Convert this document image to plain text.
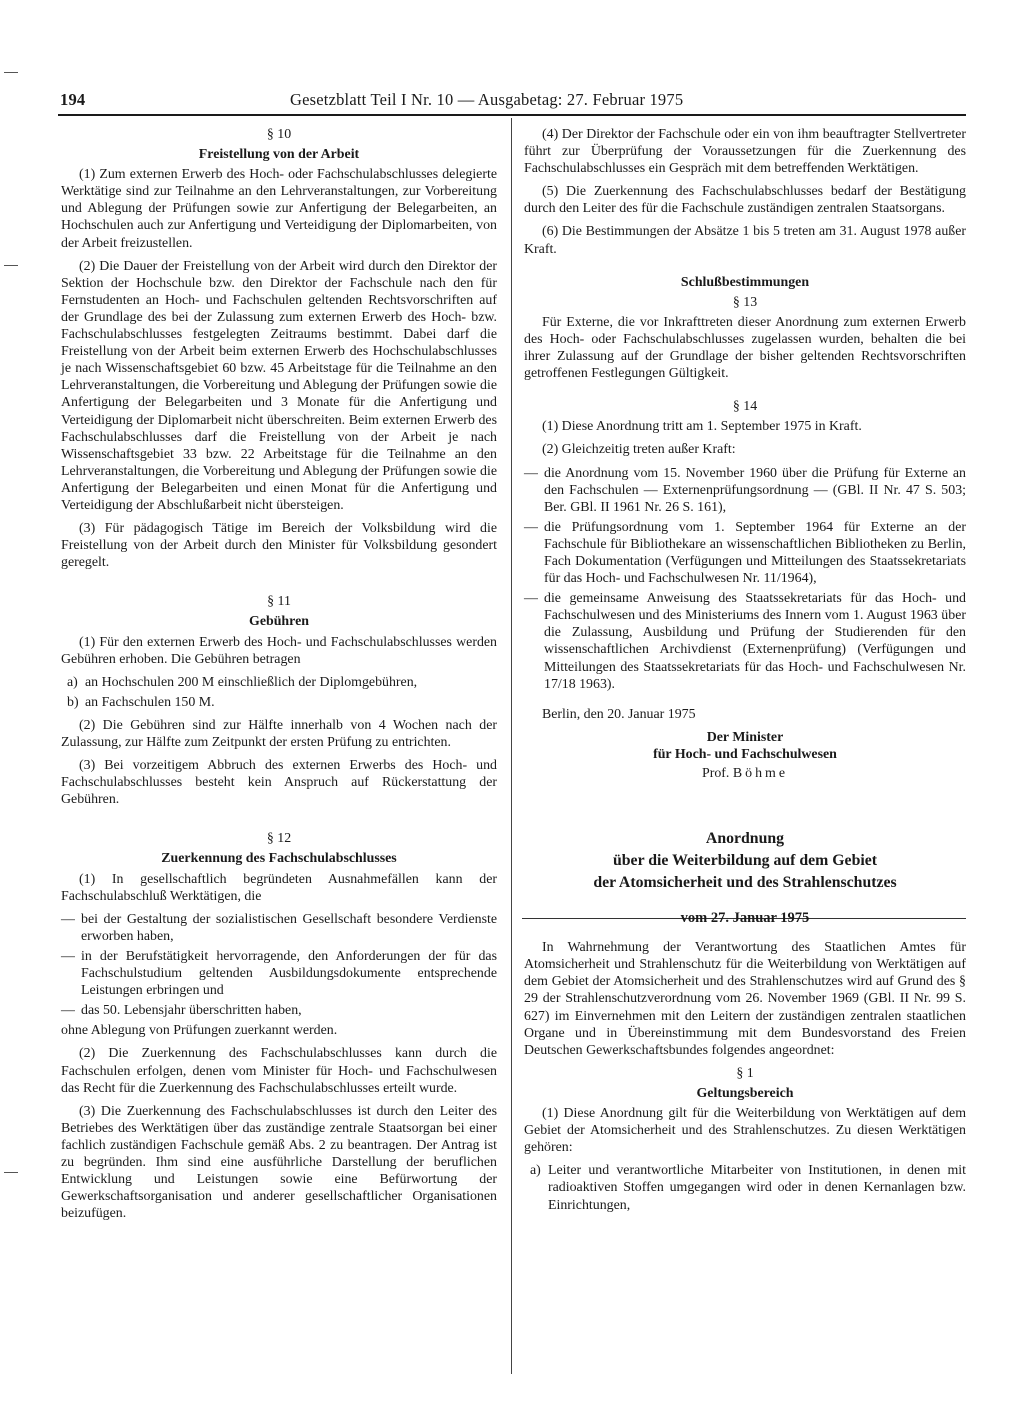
194	Gesetzblatt Teil I Nr. 10 — Ausgabetag: 27. Februar 1975
§ 10
Freistellung von der Arbeit

(1) Zum externen Erwerb des Hoch- oder Fachschulabschlusses delegierte Werktätige sind zur Teilnahme an den Lehrveranstaltungen, zur Vorbereitung und Ablegung der Prüfungen sowie zur Anfertigung der Belegarbeiten, an Hochschulen auch zur Anfertigung und Verteidigung der Diplomarbeiten, von der Arbeit freizustellen.

(2) Die Dauer der Freistellung von der Arbeit wird durch den Direktor der Sektion der Hochschule bzw. den Direktor der Fachschule nach den für Fernstudenten an Hoch- und Fachschulen geltenden Rechtsvorschriften auf der Grundlage des bei der Zulassung zum externen Erwerb des Hoch- bzw. Fachschulabschlusses festgelegten Zeitraums bestimmt. Dabei darf die Freistellung von der Arbeit beim externen Erwerb des Hochschulabschlusses je nach Wissenschaftsgebiet 60 bzw. 45 Arbeitstage für die Teilnahme an den Lehrveranstaltungen, die Vorbereitung und Ablegung der Prüfungen sowie die Anfertigung der Belegarbeiten und 3 Monate für die Anfertigung und Verteidigung der Diplomarbeit nicht überschreiten. Beim externen Erwerb des Fachschulabschlusses darf die Freistellung von der Arbeit je nach Wissenschaftsgebiet 33 bzw. 22 Arbeitstage für die Teilnahme an den Lehrveranstaltungen, die Vorbereitung und Ablegung der Prüfungen sowie die Anfertigung der Belegarbeiten und einen Monat für die Anfertigung und Verteidigung der Abschlußarbeit nicht übersteigen.

(3) Für pädagogisch Tätige im Bereich der Volksbildung wird die Freistellung von der Arbeit durch den Minister für Volksbildung gesondert geregelt.

§ 11
Gebühren

(1) Für den externen Erwerb des Hoch- und Fachschulabschlusses werden Gebühren erhoben. Die Gebühren betragen

a) an Hochschulen 200 M einschließlich der Diplomgebühren,
b) an Fachschulen 150 M.

(2) Die Gebühren sind zur Hälfte innerhalb von 4 Wochen nach der Zulassung, zur Hälfte zum Zeitpunkt der ersten Prüfung zu entrichten.

(3) Bei vorzeitigem Abbruch des externen Erwerbs des Hoch- und Fachschulabschlusses besteht kein Anspruch auf Rückerstattung der Gebühren.

§ 12
Zuerkennung des Fachschulabschlusses

(1) In gesellschaftlich begründeten Ausnahmefällen kann der Fachschulabschluß Werktätigen, die

— bei der Gestaltung der sozialistischen Gesellschaft besondere Verdienste erworben haben,
— in der Berufstätigkeit hervorragende, den Anforderungen der für das Fachschulstudium geltenden Ausbildungsdokumente entsprechende Leistungen erbringen und
— das 50. Lebensjahr überschritten haben,

ohne Ablegung von Prüfungen zuerkannt werden.

(2) Die Zuerkennung des Fachschulabschlusses kann durch die Fachschulen erfolgen, denen vom Minister für Hoch- und Fachschulwesen das Recht für die Zuerkennung des Fachschulabschlusses erteilt wurde.

(3) Die Zuerkennung des Fachschulabschlusses ist durch den Leiter des Betriebes des Werktätigen über das zuständige zentrale Staatsorgan bei einer fachlich zuständigen Fachschule gemäß Abs. 2 zu beantragen. Der Antrag ist zu begründen. Ihm sind eine ausführliche Darstellung der beruflichen Entwicklung und Leistungen sowie eine Befürwortung der Gewerkschaftsorganisation und anderer gesellschaftlicher Organisationen beizufügen.

(4) Der Direktor der Fachschule oder ein von ihm beauftragter Stellvertreter führt zur Überprüfung der Voraussetzungen für die Zuerkennung des Fachschulabschlusses ein Gespräch mit dem betreffenden Werktätigen.

(5) Die Zuerkennung des Fachschulabschlusses bedarf der Bestätigung durch den Leiter des für die Fachschule zuständigen zentralen Staatsorgans.

(6) Die Bestimmungen der Absätze 1 bis 5 treten am 31. August 1978 außer Kraft.

Schlußbestimmungen
§ 13

Für Externe, die vor Inkrafttreten dieser Anordnung zum externen Erwerb des Hoch- oder Fachschulabschlusses zugelassen wurden, behalten die bei ihrer Zulassung auf der Grundlage der bisher geltenden Rechtsvorschriften getroffenen Festlegungen Gültigkeit.

§ 14

(1) Diese Anordnung tritt am 1. September 1975 in Kraft.

(2) Gleichzeitig treten außer Kraft:

— die Anordnung vom 15. November 1960 über die Prüfung für Externe an den Fachschulen — Externenprüfungsordnung — (GBl. II Nr. 47 S. 503; Ber. GBl. II 1961 Nr. 26 S. 161),
— die Prüfungsordnung vom 1. September 1964 für Externe an der Fachschule für Bibliothekare an wissenschaftlichen Bibliotheken zu Berlin, Fach Dokumentation (Verfügungen und Mitteilungen des Staatssekretariats für das Hoch- und Fachschulwesen Nr. 11/1964),
— die gemeinsame Anweisung des Staatssekretariats für das Hoch- und Fachschulwesen und des Ministeriums des Innern vom 1. August 1963 über die Zulassung, Ausbildung und Prüfung der Studierenden für den wissenschaftlichen Archivdienst (Externenprüfung) (Verfügungen und Mitteilungen des Staatssekretariats für das Hoch- und Fachschulwesen Nr. 17/18 1963).

Berlin, den 20. Januar 1975

Der Minister
für Hoch- und Fachschulwesen
Prof. Böhme
Anordnung
über die Weiterbildung auf dem Gebiet
der Atomsicherheit und des Strahlenschutzes
vom 27. Januar 1975

In Wahrnehmung der Verantwortung des Staatlichen Amtes für Atomsicherheit und Strahlenschutz für die Weiterbildung von Werktätigen auf dem Gebiet der Atomsicherheit und des Strahlenschutzes wird auf Grund des § 29 der Strahlenschutzverordnung vom 26. November 1969 (GBl. II Nr. 99 S. 627) im Einvernehmen mit den Leitern der zuständigen zentralen staatlichen Organe und in Übereinstimmung mit dem Bundesvorstand des Freien Deutschen Gewerkschaftsbundes folgendes angeordnet:

§ 1
Geltungsbereich

(1) Diese Anordnung gilt für die Weiterbildung von Werktätigen auf dem Gebiet der Atomsicherheit und des Strahlenschutzes. Zu diesen Werktätigen gehören:

a) Leiter und verantwortliche Mitarbeiter von Institutionen, in denen mit radioaktiven Stoffen umgegangen wird oder in denen Kernanlagen bzw. Einrichtungen,
